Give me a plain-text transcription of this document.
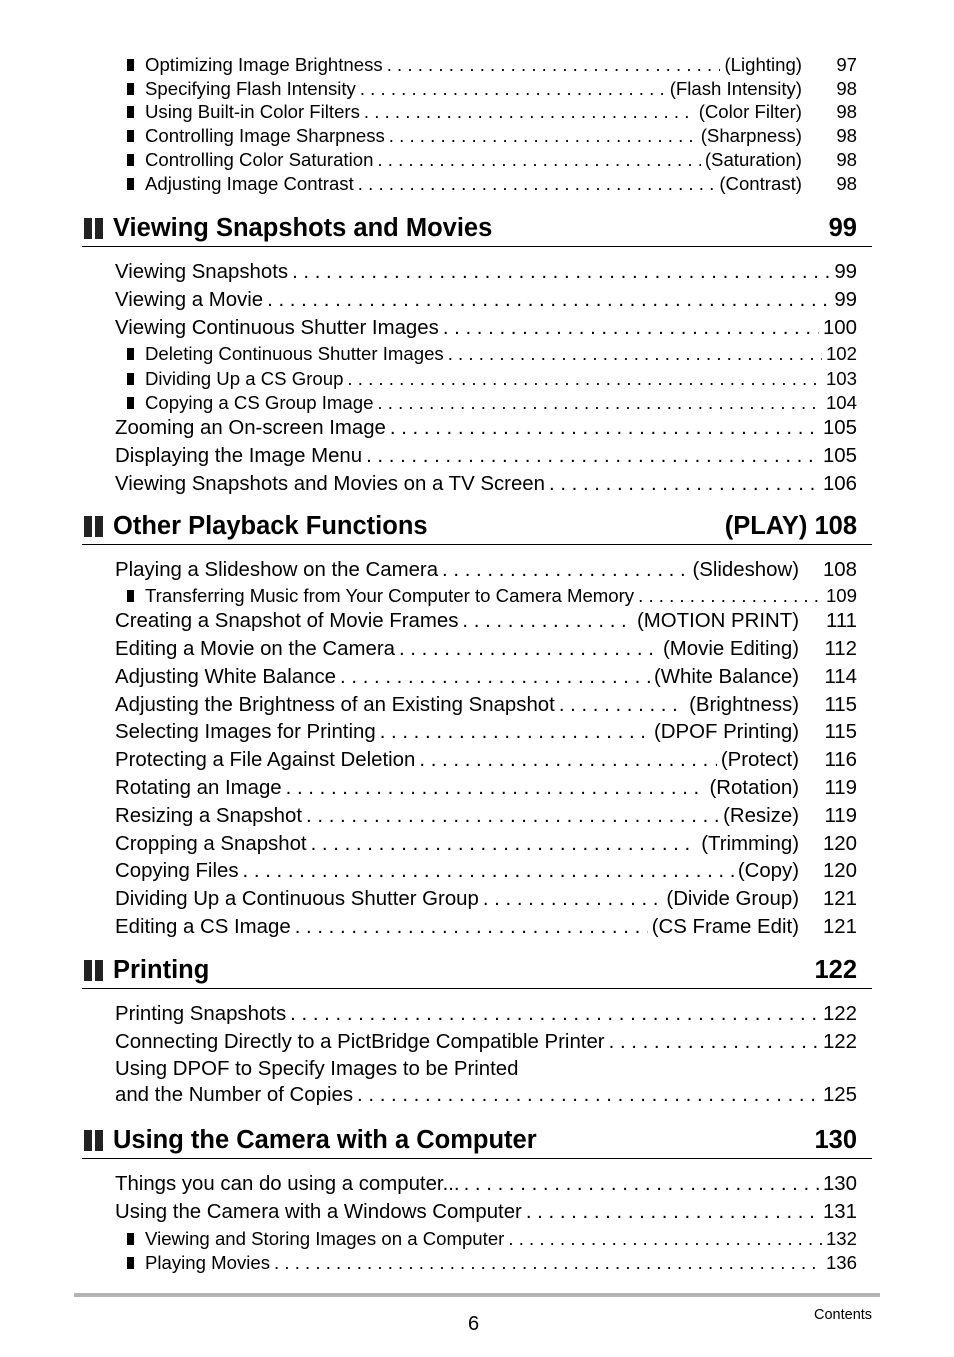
Optimizing Image Brightness . . .	(Lighting)	97
Specifying Flash Intensity . . .	(Flash Intensity)	98
Using Built-in Color Filters . . .	(Color Filter)	98
Controlling Image Sharpness . . .	(Sharpness)	98
Controlling Color Saturation . . .	(Saturation)	98
Adjusting Image Contrast . . .	(Contrast)	98
Viewing Snapshots and Movies	99
Viewing Snapshots . . .	99
Viewing a Movie . . .	99
Viewing Continuous Shutter Images . . .	100
Deleting Continuous Shutter Images . . .	102
Dividing Up a CS Group . . .	103
Copying a CS Group Image . . .	104
Zooming an On-screen Image . . .	105
Displaying the Image Menu . . .	105
Viewing Snapshots and Movies on a TV Screen . . .	106
Other Playback Functions	(PLAY) 108
Playing a Slideshow on the Camera . . .	(Slideshow)	108
Transferring Music from Your Computer to Camera Memory . . .	109
Creating a Snapshot of Movie Frames . . .	(MOTION PRINT)	111
Editing a Movie on the Camera . . .	(Movie Editing)	112
Adjusting White Balance . . .	(White Balance)	114
Adjusting the Brightness of an Existing Snapshot . . .	(Brightness)	115
Selecting Images for Printing . . .	(DPOF Printing)	115
Protecting a File Against Deletion . . .	(Protect)	116
Rotating an Image . . .	(Rotation)	119
Resizing a Snapshot . . .	(Resize)	119
Cropping a Snapshot . . .	(Trimming)	120
Copying Files . . .	(Copy)	120
Dividing Up a Continuous Shutter Group . . .	(Divide Group)	121
Editing a CS Image . . .	(CS Frame Edit)	121
Printing	122
Printing Snapshots . . .	122
Connecting Directly to a PictBridge Compatible Printer . . .	122
Using DPOF to Specify Images to be Printed
and the Number of Copies . . .	125
Using the Camera with a Computer	130
Things you can do using a computer... . . .	130
Using the Camera with a Windows Computer . . .	131
Viewing and Storing Images on a Computer . . .	132
Playing Movies . . .	136
6	Contents
